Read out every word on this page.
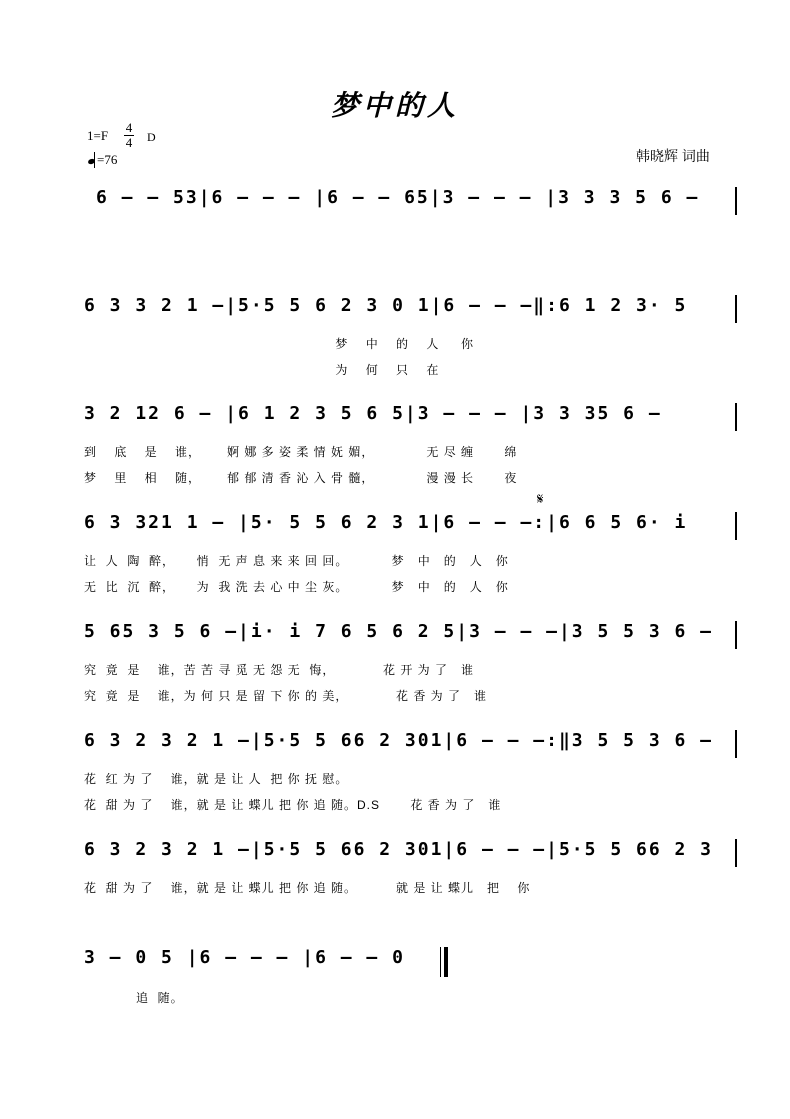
梦中的人
1=F
4
4 D
=76	韩晓辉 词曲
6 – – 53|6 – – – |6 – – 65|3 – – – |3 3 3 5 6 –
6 3 3 2 1 –|5·5 5 6 2 3 0 1|6 – – –‖:6 1 2 3· 5
梦    中    的    人     你
为    何    只    在
3 2 12 6 – |6 1 2 3 5 6 5|3 – – – |3 3 35 6 –
到    底    是    谁，      婀 娜 多 姿 柔 情 妩 媚，            无 尽 缠       绵
梦    里    相    随，      郁 郁 清 香 沁 入 骨 髓，            漫 漫 长       夜
𝄋
6 3 321 1 – |5· 5 5 6 2 3 1|6 – – –:|6 6 5 6· i
让  人  陶  醉，     悄  无 声 息 来 来 回 回。          梦   中   的   人   你
无  比  沉  醉，     为  我 洗 去 心 中 尘 灰。          梦   中   的   人   你
5 65 3 5 6 –|i· i 7 6 5 6 2 5|3 – – –|3 5 5 3 6 –
究  竟  是    谁，苦 苦 寻 觅 无 怨 无  悔，           花 开 为 了   谁
究  竟  是    谁，为 何 只 是 留 下 你 的 美，           花 香 为 了   谁
6 3 2 3 2 1 –|5·5 5 66 2 301|6 – – –:‖3 5 5 3 6 –
花  红 为 了    谁，就 是 让 人  把 你 抚 慰。
花  甜 为 了    谁，就 是 让 蝶儿 把 你 追 随。D.S       花 香 为 了   谁
6 3 2 3 2 1 –|5·5 5 66 2 301|6 – – –|5·5 5 66 2 3
花  甜 为 了    谁，就 是 让 蝶儿 把 你 追 随。         就 是 让 蝶儿   把    你
3 – 0 5 |6 – – – |6 – – 0
追  随。
